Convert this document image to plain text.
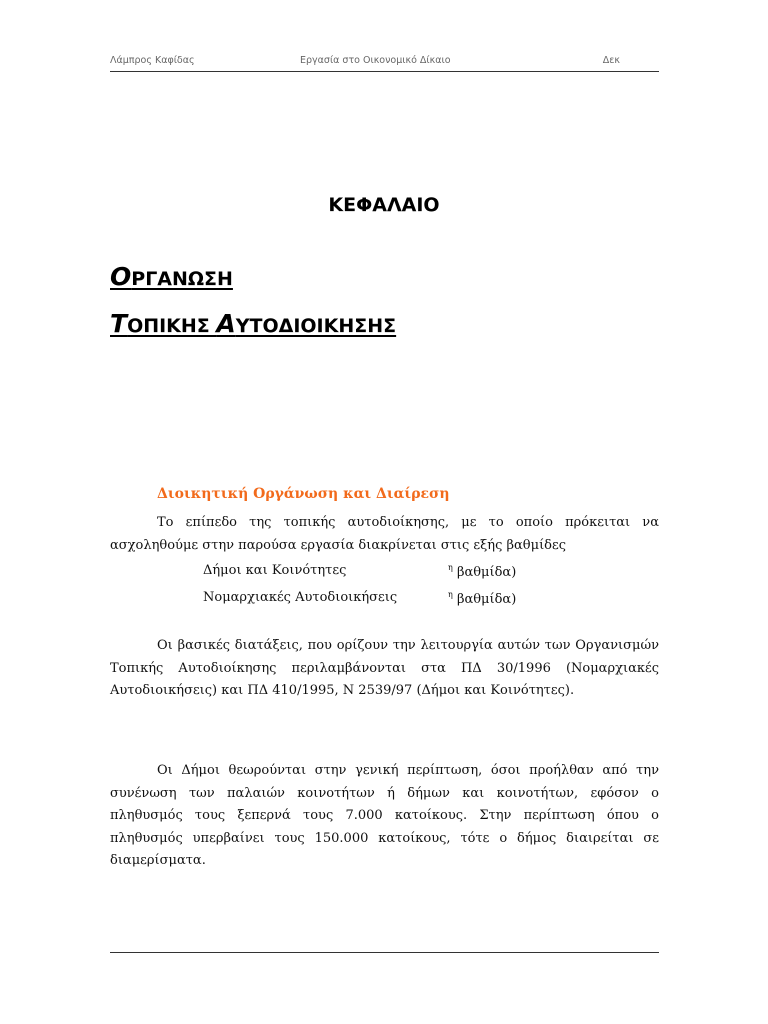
Λάμπρος Καφίδας	Εργασία στο Οικονομικό Δίκαιο	Δεκ
ΚΕΦΑΛΑΙΟ
ΟΡΓΑΝΩΣΗ
ΤΟΠΙΚΗΣ ΑΥΤΟΔΙΟΙΚΗΣΗΣ
Διοικητική Οργάνωση και Διαίρεση

Το επίπεδο της τοπικής αυτοδιοίκησης, με το οποίο πρόκειται να ασχοληθούμε στην παρούσα εργασία διακρίνεται στις εξής βαθμίδες

Δήμοι και Κοινότητες	$^\eta$ βαθμίδα)
Νομαρχιακές Αυτοδιοικήσεις	$^\eta$ βαθμίδα)

Οι βασικές διατάξεις, που ορίζουν την λειτουργία αυτών των Οργανισμών Τοπικής Αυτοδιοίκησης περιλαμβάνονται στα ΠΔ 30/1996 (Νομαρχιακές Αυτοδιοικήσεις) και ΠΔ 410/1995, Ν 2539/97 (Δήμοι και Κοινότητες).

Οι Δήμοι θεωρούνται στην γενική περίπτωση, όσοι προήλθαν από την συνένωση των παλαιών κοινοτήτων ή δήμων και κοινοτήτων, εφόσον ο πληθυσμός τους ξεπερνά τους 7.000 κατοίκους. Στην περίπτωση όπου ο πληθυσμός υπερβαίνει τους 150.000 κατοίκους, τότε ο δήμος διαιρείται σε διαμερίσματα.
